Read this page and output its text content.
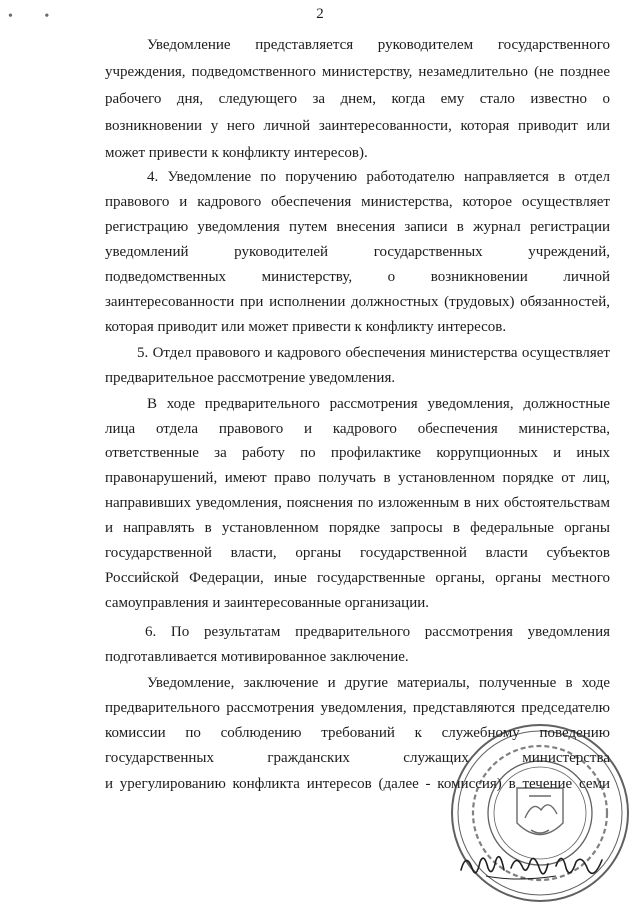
• •	2
Уведомление представляется руководителем государственного
учреждения, подведомственного министерству, незамедлительно (не позднее
рабочего дня, следующего за днем, когда ему стало известно о
возникновении у него личной заинтересованности, которая приводит или
может привести к конфликту интересов).
4. Уведомление по поручению работодателю направляется в отдел
правового и кадрового обеспечения министерства, которое осуществляет
регистрацию уведомления путем внесения записи в журнал регистрации
уведомлений руководителей государственных учреждений,
подведомственных министерству, о возникновении личной
заинтересованности при исполнении должностных (трудовых) обязанностей,
которая приводит или может привести к конфликту интересов.
5. Отдел правового и кадрового обеспечения министерства осуществляет
предварительное рассмотрение уведомления.
В ходе предварительного рассмотрения уведомления, должностные
лица отдела правового и кадрового обеспечения министерства,
ответственные за работу по профилактике коррупционных и иных
правонарушений, имеют право получать в установленном порядке от лиц,
направивших уведомления, пояснения по изложенным в них обстоятельствам
и направлять в установленном порядке запросы в федеральные органы
государственной власти, органы государственной власти субъектов
Российской Федерации, иные государственные органы, органы местного
самоуправления и заинтересованные организации.
6. По результатам предварительного рассмотрения уведомления
подготавливается мотивированное заключение.
Уведомление, заключение и другие материалы, полученные в ходе
предварительного рассмотрения уведомления, представляются председателю
комиссии по соблюдению требований к служебному поведению
государственных гражданских служащих министерства
и урегулированию конфликта интересов (далее - комиссия) в течение семи
